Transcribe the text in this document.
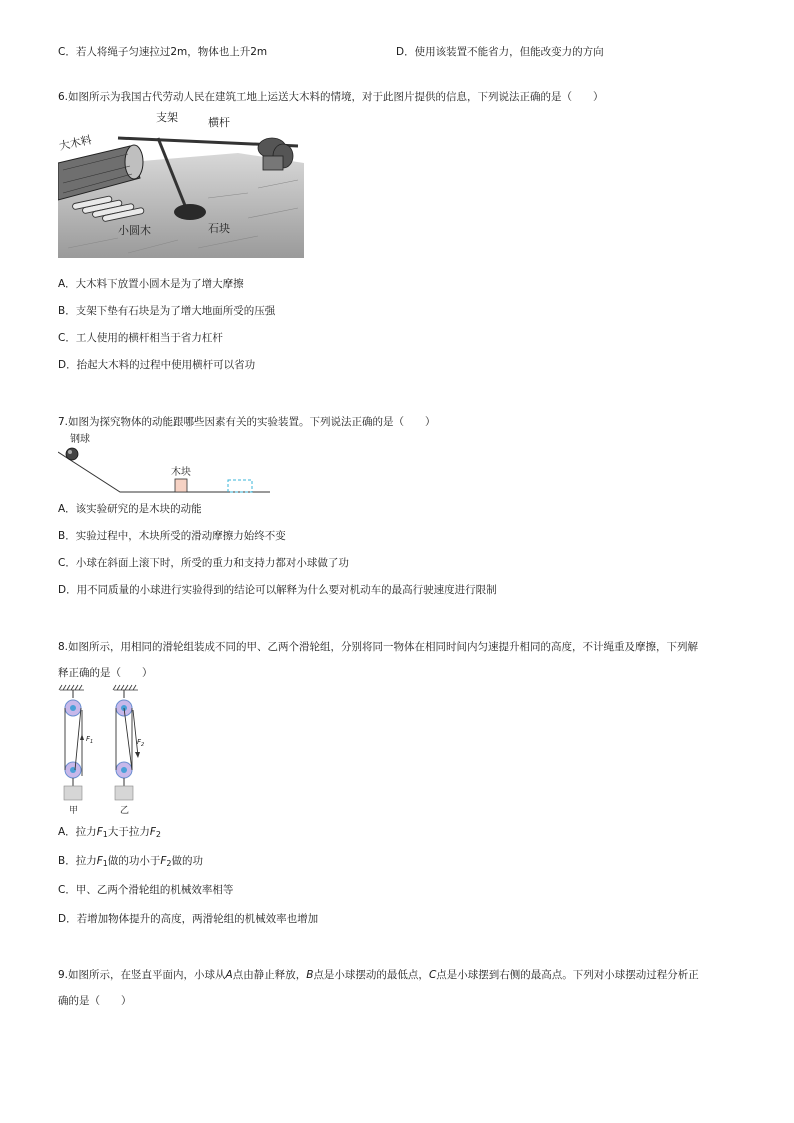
C．若人将绳子匀速拉过2m，物体也上升2m	D．使用该装置不能省力，但能改变力的方向
6.如图所示为我国古代劳动人民在建筑工地上运送大木料的情境，对于此图片提供的信息，下列说法正确的是（　　）
支架	横杆
大木料
小圆木	石块
A．大木料下放置小圆木是为了增大摩擦
B．支架下垫有石块是为了增大地面所受的压强
C．工人使用的横杆相当于省力杠杆
D．抬起大木料的过程中使用横杆可以省功
7.如图为探究物体的动能跟哪些因素有关的实验装置。下列说法正确的是（　　）
钢球
木块
A．该实验研究的是木块的动能
B．实验过程中，木块所受的滑动摩擦力始终不变
C．小球在斜面上滚下时，所受的重力和支持力都对小球做了功
D．用不同质量的小球进行实验得到的结论可以解释为什么要对机动车的最高行驶速度进行限制
8.如图所示，用相同的滑轮组装成不同的甲、乙两个滑轮组，分别将同一物体在相同时间内匀速提升相同的高度，不计绳重及摩擦，下列解
释正确的是（　　）
$F_1$	$F_2$
甲	乙
A．拉力$F_1$大于拉力$F_2$
B．拉力$F_1$做的功小于$F_2$做的功
C．甲、乙两个滑轮组的机械效率相等
D．若增加物体提升的高度，两滑轮组的机械效率也增加
9.如图所示，在竖直平面内，小球从A点由静止释放，B点是小球摆动的最低点，C点是小球摆到右侧的最高点。下列对小球摆动过程分析正
确的是（　　）
